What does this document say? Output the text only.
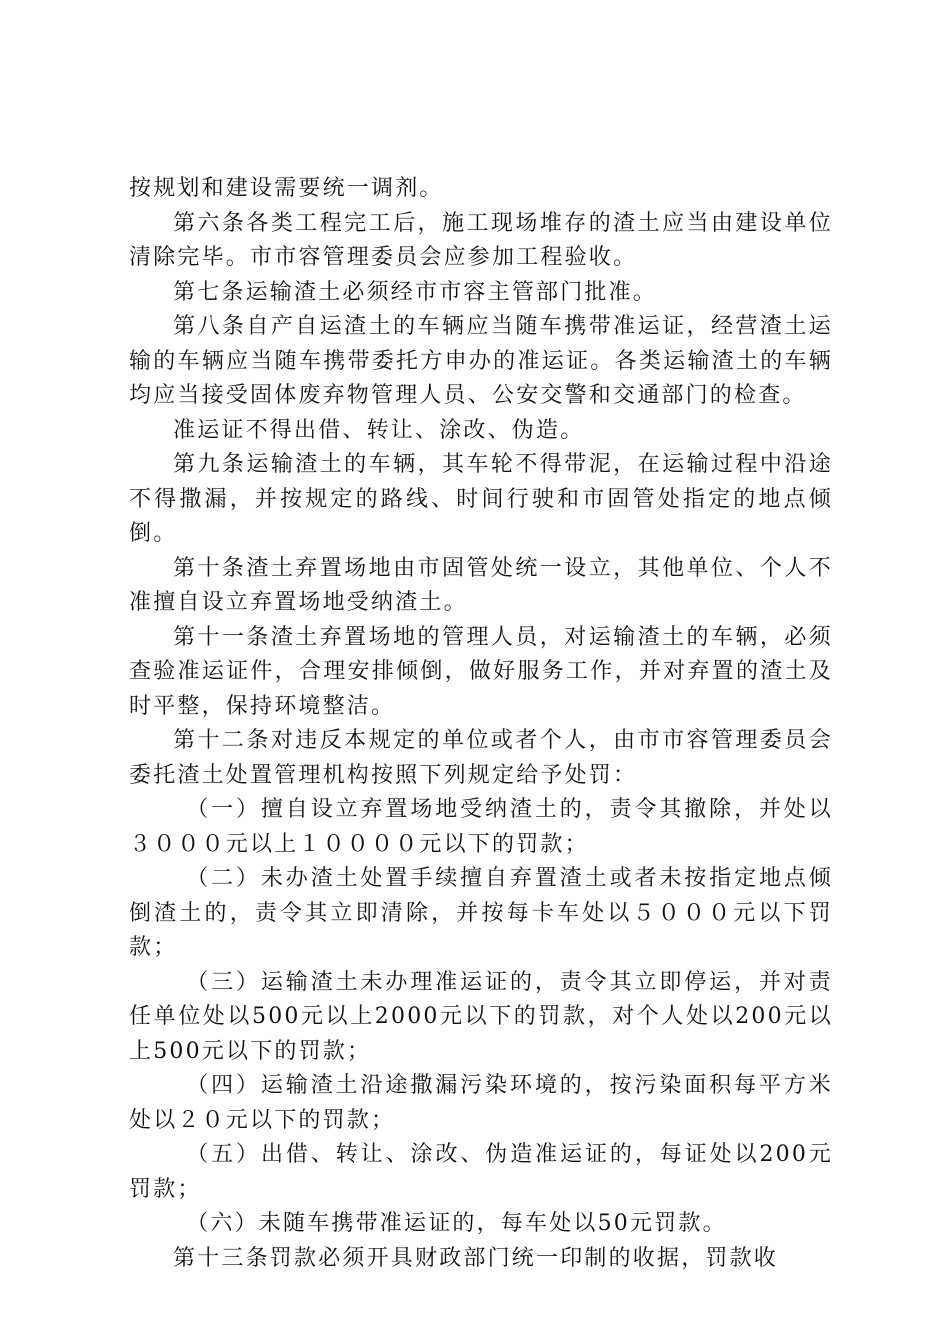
按规划和建设需要统一调剂。

第六条各类工程完工后，施工现场堆存的渣土应当由建设单位清除完毕。市市容管理委员会应参加工程验收。

第七条运输渣土必须经市市容主管部门批准。

第八条自产自运渣土的车辆应当随车携带准运证，经营渣土运输的车辆应当随车携带委托方申办的准运证。各类运输渣土的车辆均应当接受固体废弃物管理人员、公安交警和交通部门的检查。

准运证不得出借、转让、涂改、伪造。

第九条运输渣土的车辆，其车轮不得带泥，在运输过程中沿途不得撒漏，并按规定的路线、时间行驶和市固管处指定的地点倾倒。

第十条渣土弃置场地由市固管处统一设立，其他单位、个人不准擅自设立弃置场地受纳渣土。

第十一条渣土弃置场地的管理人员，对运输渣土的车辆，必须查验准运证件，合理安排倾倒，做好服务工作，并对弃置的渣土及时平整，保持环境整洁。

第十二条对违反本规定的单位或者个人，由市市容管理委员会委托渣土处置管理机构按照下列规定给予处罚：

（一）擅自设立弃置场地受纳渣土的，责令其撤除，并处以３０００元以上１００００元以下的罚款；

（二）未办渣土处置手续擅自弃置渣土或者未按指定地点倾倒渣土的，责令其立即清除，并按每卡车处以５０００元以下罚款；

（三）运输渣土未办理准运证的，责令其立即停运，并对责任单位处以500元以上2000元以下的罚款，对个人处以200元以上500元以下的罚款；

（四）运输渣土沿途撒漏污染环境的，按污染面积每平方米处以２０元以下的罚款；

（五）出借、转让、涂改、伪造准运证的，每证处以200元罚款；

（六）未随车携带准运证的，每车处以50元罚款。

第十三条罚款必须开具财政部门统一印制的收据，罚款收
